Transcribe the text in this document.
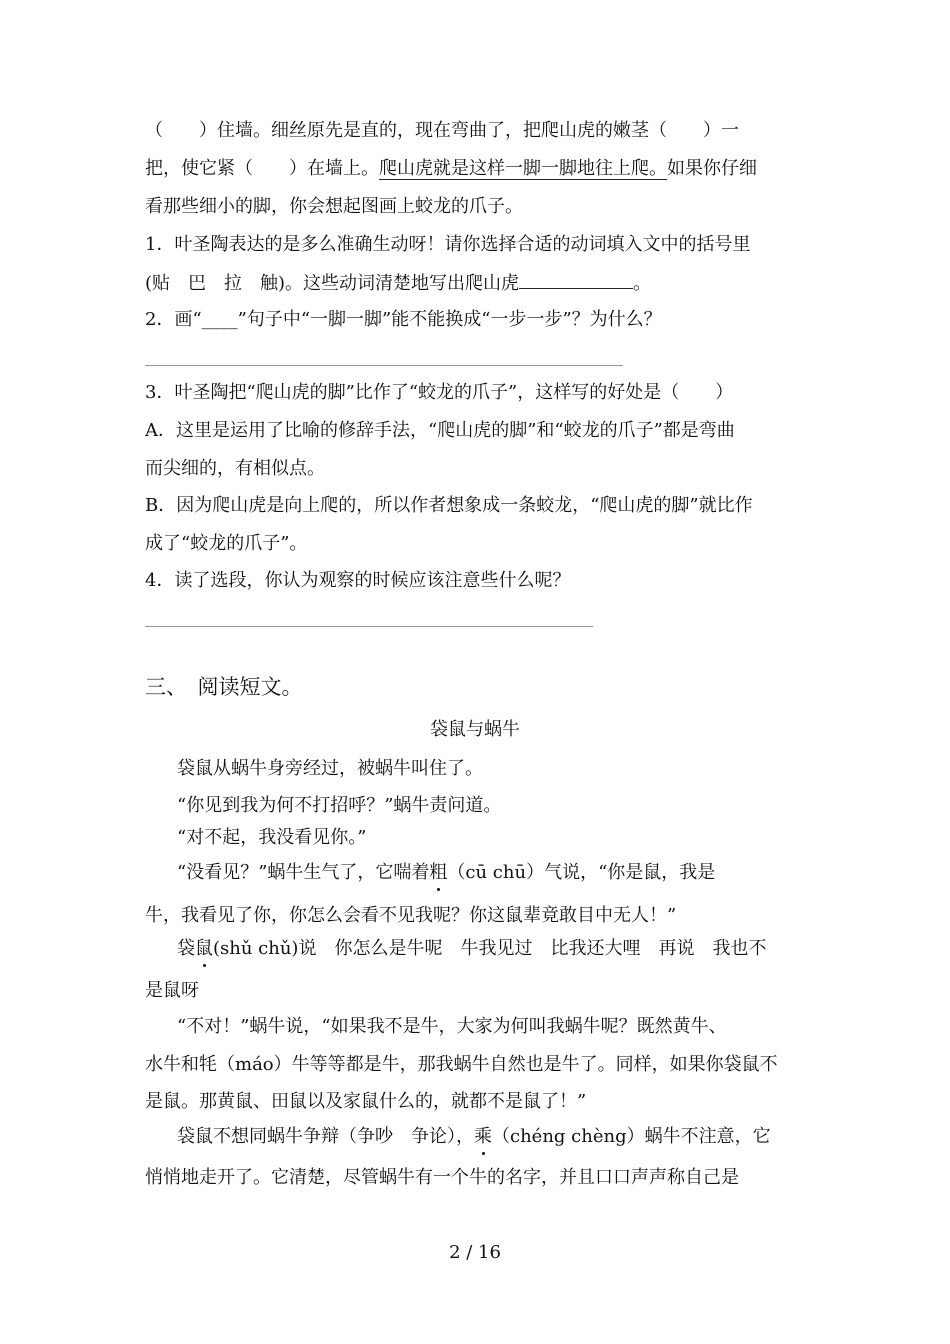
（　　）住墙。细丝原先是直的，现在弯曲了，把爬山虎的嫩茎（　　）一
把，使它紧（　　）在墙上。爬山虎就是这样一脚一脚地往上爬。如果你仔细
看那些细小的脚，你会想起图画上蛟龙的爪子。
1．叶圣陶表达的是多么准确生动呀！请你选择合适的动词填入文中的括号里
(贴　巴　拉　触)。这些动词清楚地写出爬山虎	。
2．画“____”句子中“一脚一脚”能不能换成“一步一步”？为什么？
3．叶圣陶把“爬山虎的脚”比作了“蛟龙的爪子”，这样写的好处是（　　）
A．这里是运用了比喻的修辞手法，“爬山虎的脚”和“蛟龙的爪子”都是弯曲
而尖细的，有相似点。
B．因为爬山虎是向上爬的，所以作者想象成一条蛟龙，“爬山虎的脚”就比作
成了“蛟龙的爪子”。
4．读了选段，你认为观察的时候应该注意些什么呢？
三、　阅读短文。
袋鼠与蜗牛
袋鼠从蜗牛身旁经过，被蜗牛叫住了。
“你见到我为何不打招呼？”蜗牛责问道。
“对不起，我没看见你。”
“没看见？”蜗牛生气了，它喘着粗（cū chū）气说，“你是鼠，我是
牛，我看见了你，你怎么会看不见我呢？你这鼠辈竟敢目中无人！”
袋鼠(shǔ chǔ)说　你怎么是牛呢　牛我见过　比我还大哩　再说　我也不
是鼠呀
“不对！”蜗牛说，“如果我不是牛，大家为何叫我蜗牛呢？既然黄牛、
水牛和牦（máo）牛等等都是牛，那我蜗牛自然也是牛了。同样，如果你袋鼠不
是鼠。那黄鼠、田鼠以及家鼠什么的，就都不是鼠了！”
袋鼠不想同蜗牛争辩（争吵　争论），乘（chéng chèng）蜗牛不注意，它
悄悄地走开了。它清楚，尽管蜗牛有一个牛的名字，并且口口声声称自己是
2 / 16
